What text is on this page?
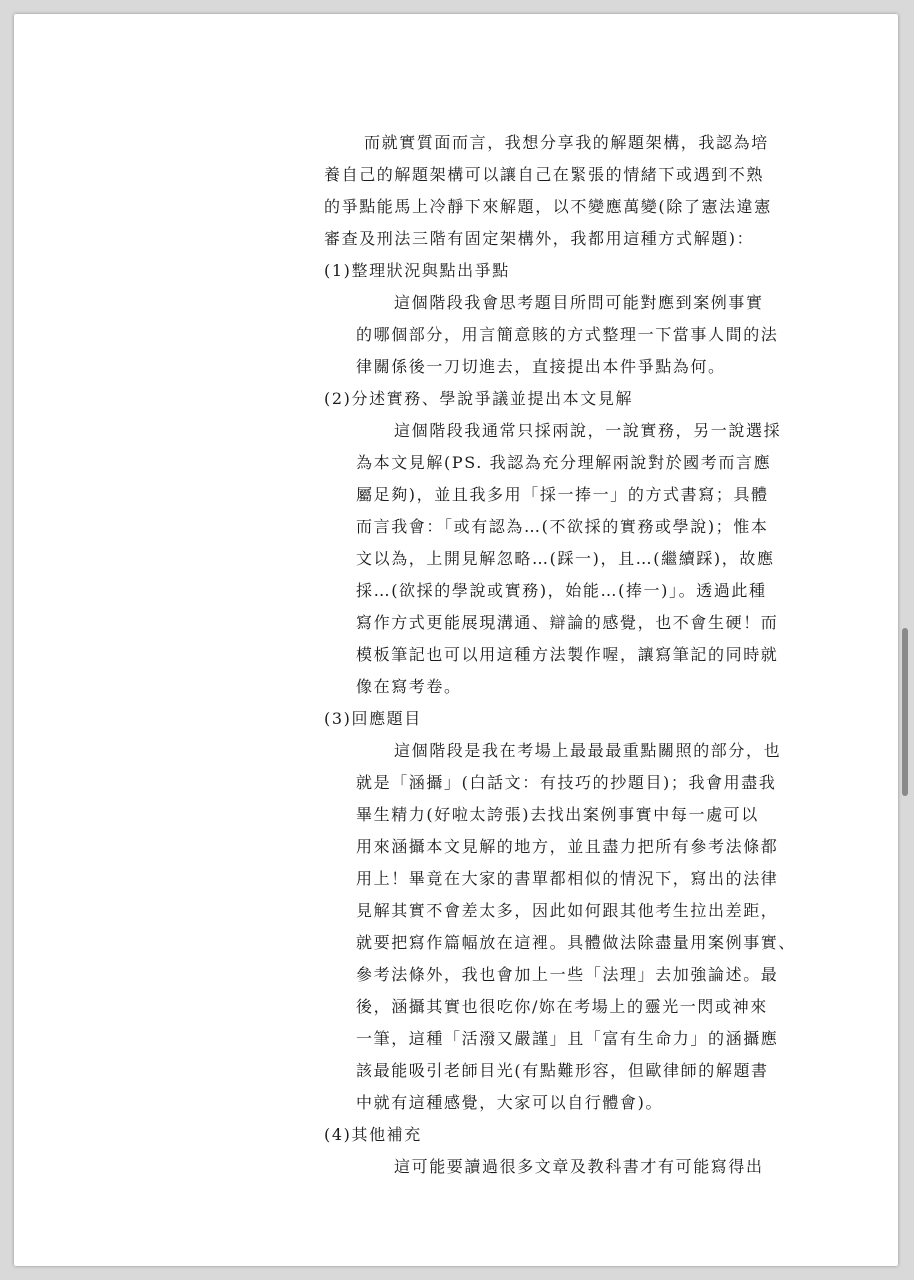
而就實質面而言，我想分享我的解題架構，我認為培
養自己的解題架構可以讓自己在緊張的情緒下或遇到不熟
的爭點能馬上冷靜下來解題，以不變應萬變(除了憲法違憲
審查及刑法三階有固定架構外，我都用這種方式解題)：
(1)整理狀況與點出爭點
這個階段我會思考題目所問可能對應到案例事實
的哪個部分，用言簡意賅的方式整理一下當事人間的法
律關係後一刀切進去，直接提出本件爭點為何。
(2)分述實務、學說爭議並提出本文見解
這個階段我通常只採兩說，一說實務，另一說選採
為本文見解(PS. 我認為充分理解兩說對於國考而言應
屬足夠)，並且我多用「採一捧一」的方式書寫；具體
而言我會：「或有認為…(不欲採的實務或學說)；惟本
文以為，上開見解忽略…(踩一)，且…(繼續踩)，故應
採…(欲採的學說或實務)，始能…(捧一)」。透過此種
寫作方式更能展現溝通、辯論的感覺，也不會生硬！而
模板筆記也可以用這種方法製作喔，讓寫筆記的同時就
像在寫考卷。
(3)回應題目
這個階段是我在考場上最最最重點關照的部分，也
就是「涵攝」(白話文：有技巧的抄題目)；我會用盡我
畢生精力(好啦太誇張)去找出案例事實中每一處可以
用來涵攝本文見解的地方，並且盡力把所有參考法條都
用上！畢竟在大家的書單都相似的情況下，寫出的法律
見解其實不會差太多，因此如何跟其他考生拉出差距，
就要把寫作篇幅放在這裡。具體做法除盡量用案例事實、
參考法條外，我也會加上一些「法理」去加強論述。最
後，涵攝其實也很吃你/妳在考場上的靈光一閃或神來
一筆，這種「活潑又嚴謹」且「富有生命力」的涵攝應
該最能吸引老師目光(有點難形容，但歐律師的解題書
中就有這種感覺，大家可以自行體會)。
(4)其他補充
這可能要讀過很多文章及教科書才有可能寫得出
